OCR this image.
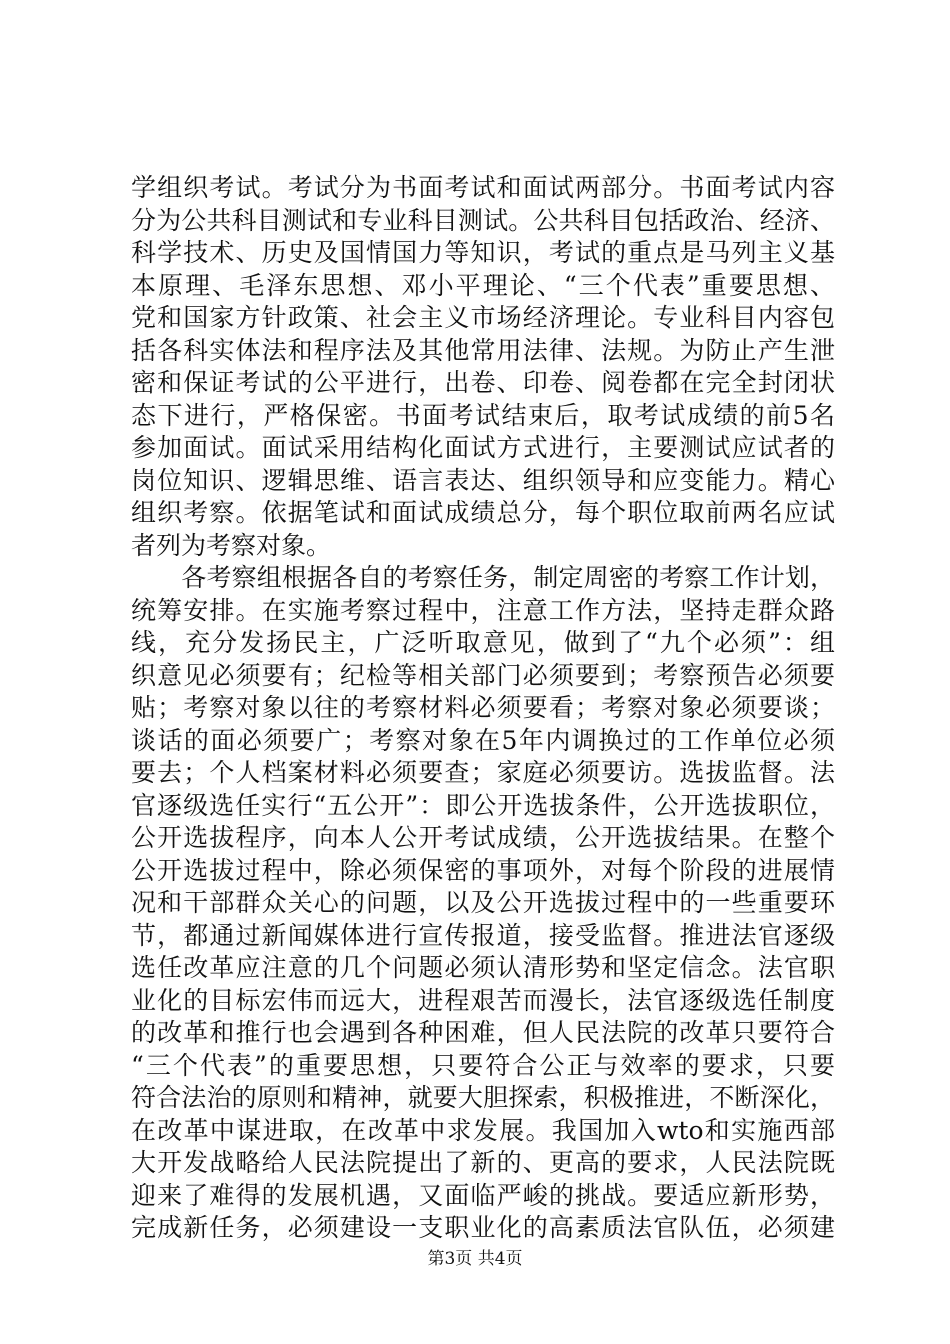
学组织考试。考试分为书面考试和面试两部分。书面考试内容
分为公共科目测试和专业科目测试。公共科目包括政治、经济、
科学技术、历史及国情国力等知识，考试的重点是马列主义基
本原理、毛泽东思想、邓小平理论、“三个代表”重要思想、
党和国家方针政策、社会主义市场经济理论。专业科目内容包
括各科实体法和程序法及其他常用法律、法规。为防止产生泄
密和保证考试的公平进行，出卷、印卷、阅卷都在完全封闭状
态下进行，严格保密。书面考试结束后，取考试成绩的前5名
参加面试。面试采用结构化面试方式进行，主要测试应试者的
岗位知识、逻辑思维、语言表达、组织领导和应变能力。精心
组织考察。依据笔试和面试成绩总分，每个职位取前两名应试
者列为考察对象。
　　各考察组根据各自的考察任务，制定周密的考察工作计划，
统筹安排。在实施考察过程中，注意工作方法，坚持走群众路
线，充分发扬民主，广泛听取意见，做到了“九个必须”：组
织意见必须要有；纪检等相关部门必须要到；考察预告必须要
贴；考察对象以往的考察材料必须要看；考察对象必须要谈；
谈话的面必须要广；考察对象在5年内调换过的工作单位必须
要去；个人档案材料必须要查；家庭必须要访。选拔监督。法
官逐级选任实行“五公开”：即公开选拔条件，公开选拔职位，
公开选拔程序，向本人公开考试成绩，公开选拔结果。在整个
公开选拔过程中，除必须保密的事项外，对每个阶段的进展情
况和干部群众关心的问题，以及公开选拔过程中的一些重要环
节，都通过新闻媒体进行宣传报道，接受监督。推进法官逐级
选任改革应注意的几个问题必须认清形势和坚定信念。法官职
业化的目标宏伟而远大，进程艰苦而漫长，法官逐级选任制度
的改革和推行也会遇到各种困难，但人民法院的改革只要符合
“三个代表”的重要思想，只要符合公正与效率的要求，只要
符合法治的原则和精神，就要大胆探索，积极推进，不断深化，
在改革中谋进取，在改革中求发展。我国加入wto和实施西部
大开发战略给人民法院提出了新的、更高的要求，人民法院既
迎来了难得的发展机遇，又面临严峻的挑战。要适应新形势，
完成新任务，必须建设一支职业化的高素质法官队伍，必须建
第3页 共4页
